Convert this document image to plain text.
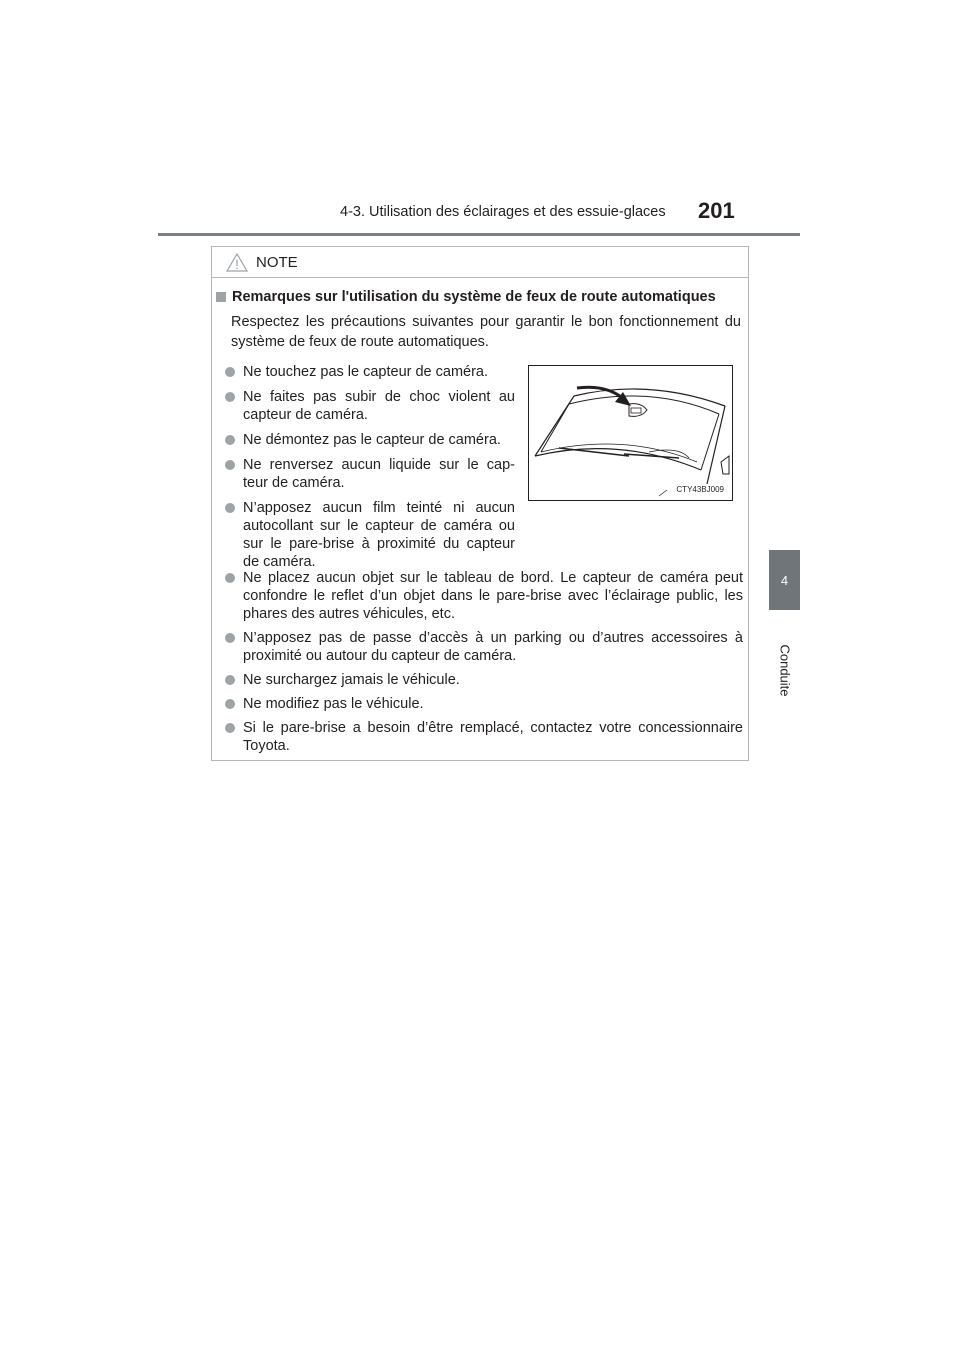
4-3. Utilisation des éclairages et des essuie-glaces 201
4
Conduite
NOTE
Remarques sur l'utilisation du système de feux de route automatiques
Respectez les précautions suivantes pour garantir le bon fonctionnement du système de feux de route automatiques.
Ne touchez pas le capteur de caméra.
Ne faites pas subir de choc violent au capteur de caméra.
Ne démontez pas le capteur de caméra.
Ne renversez aucun liquide sur le cap-teur de caméra.
N’apposez aucun film teinté ni aucun autocollant sur le capteur de caméra ou sur le pare-brise à proximité du capteur de caméra.
CTY43BJ009
Ne placez aucun objet sur le tableau de bord. Le capteur de caméra peut confondre le reflet d’un objet dans le pare-brise avec l’éclairage public, les phares des autres véhicules, etc.
N’apposez pas de passe d’accès à un parking ou d’autres accessoires à proximité ou autour du capteur de caméra.
Ne surchargez jamais le véhicule.
Ne modifiez pas le véhicule.
Si le pare-brise a besoin d’être remplacé, contactez votre concessionnaire Toyota.
